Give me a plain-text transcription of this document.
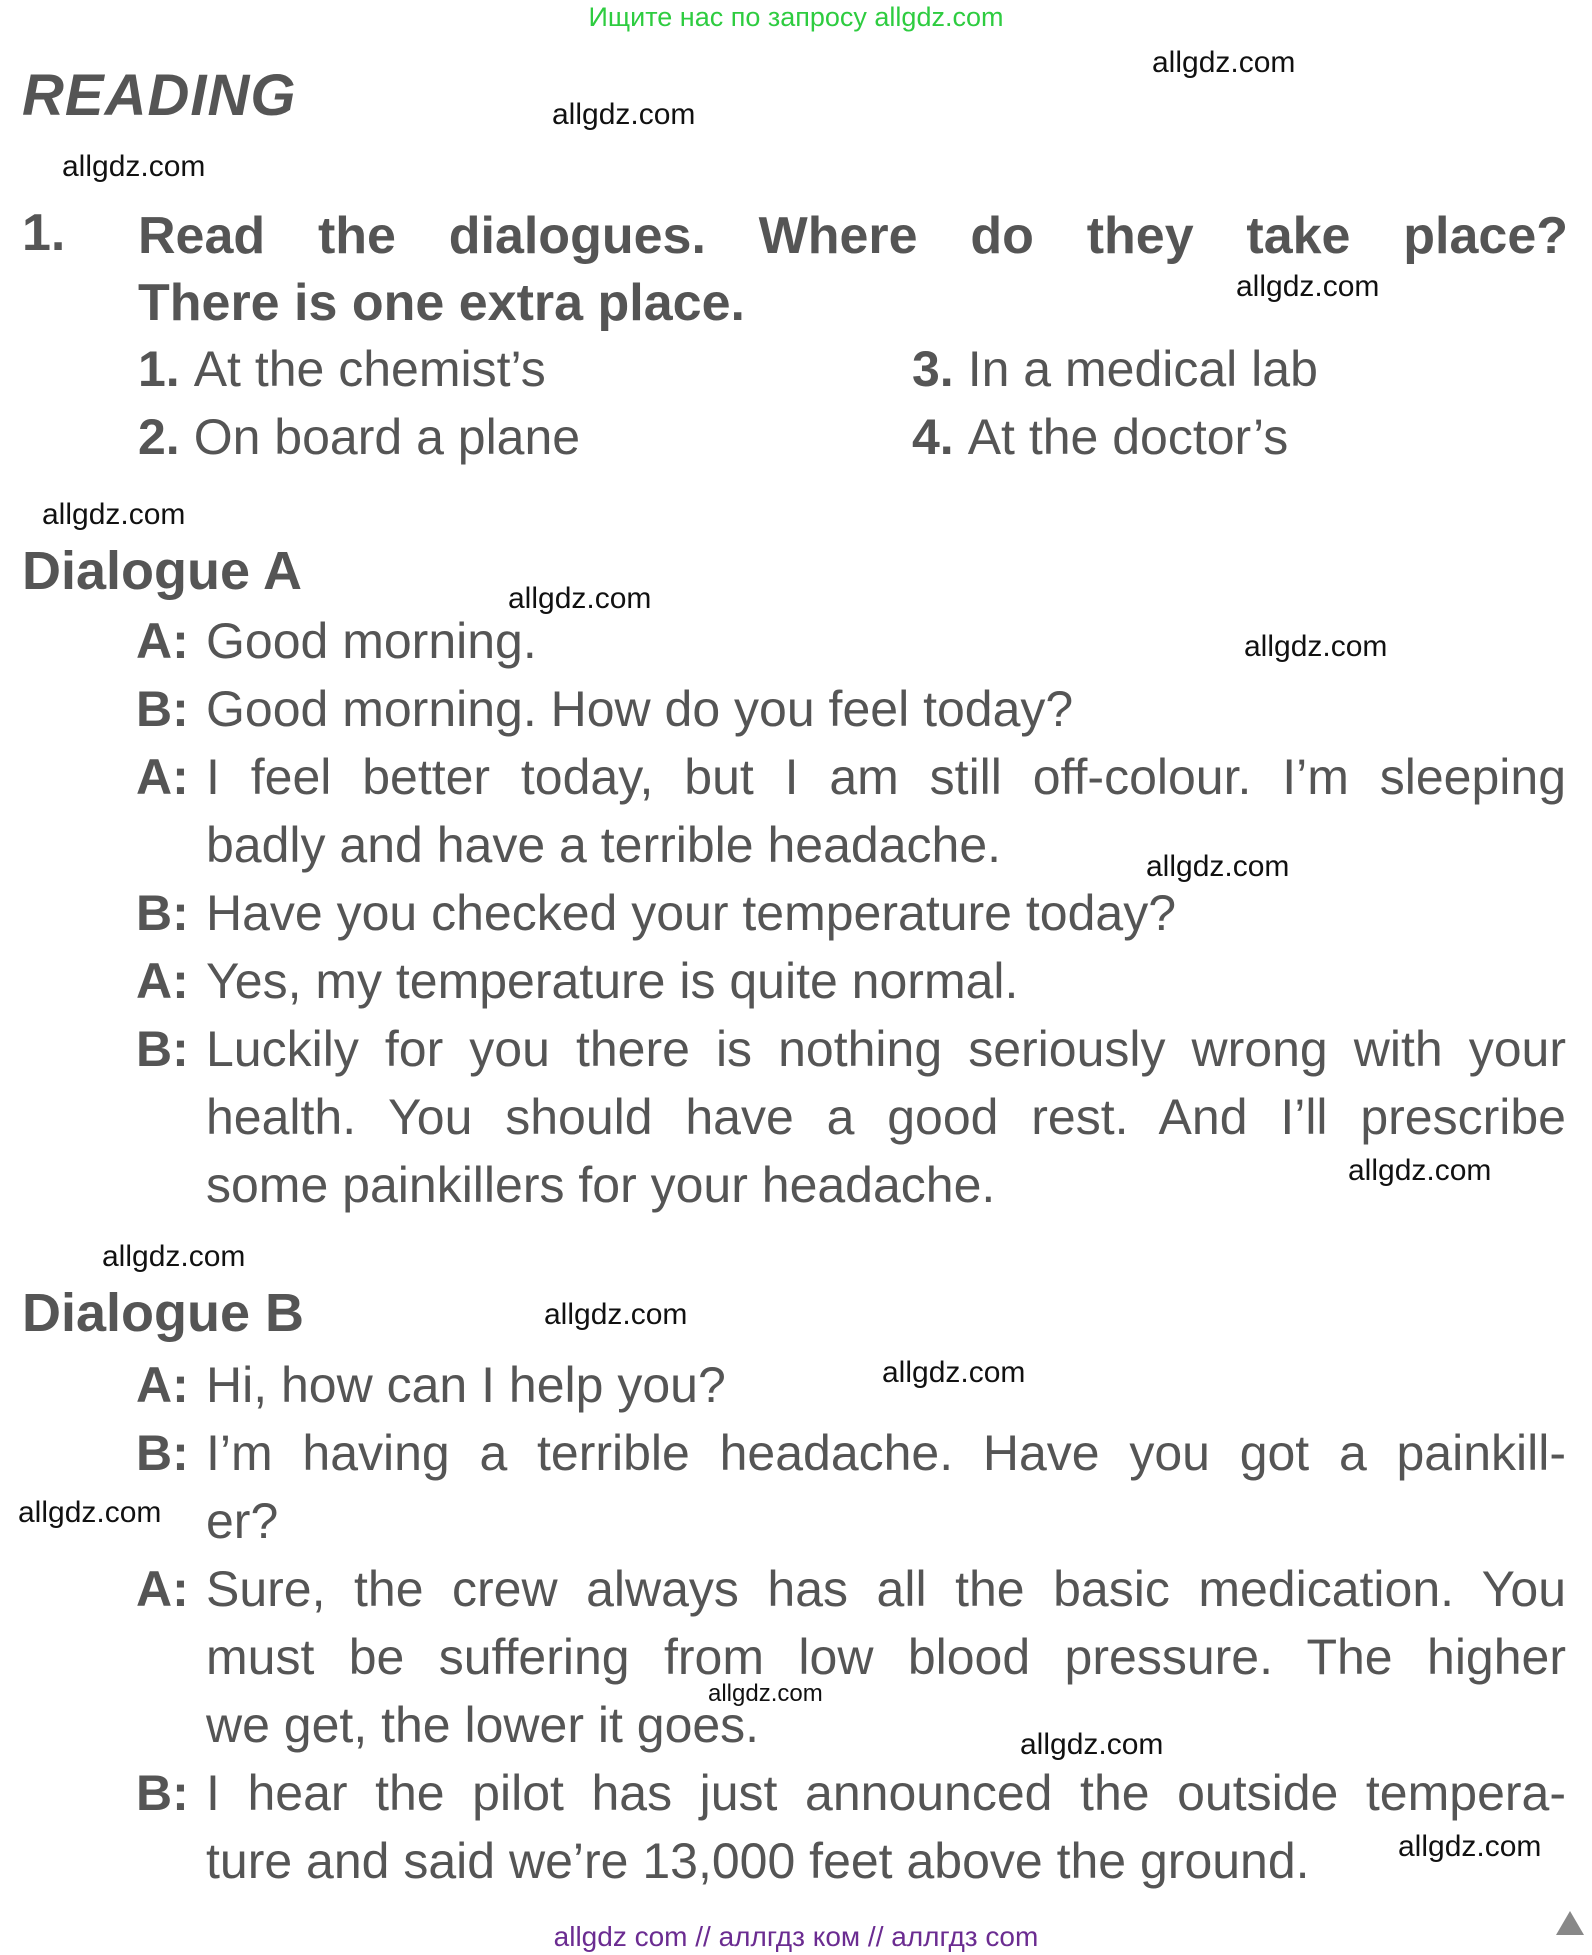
Ищите нас по запросу allgdz.com
READING
allgdz.com
allgdz.com
allgdz.com
allgdz.com
allgdz.com
allgdz.com
allgdz.com
allgdz.com
allgdz.com
allgdz.com
allgdz.com
allgdz.com
allgdz.com
allgdz.com
allgdz.com
allgdz.com
1. Read the dialogues. Where do they take place?
There is one extra place.
1. At the chemist’s
2. On board a plane
3. In a medical lab
4. At the doctor’s
Dialogue A
A: Good morning.
B: Good morning. How do you feel today?
A: I feel better today, but I am still off-colour. I’m sleeping
badly and have a terrible headache.
B: Have you checked your temperature today?
A: Yes, my temperature is quite normal.
B: Luckily for you there is nothing seriously wrong with your
health. You should have a good rest. And I’ll prescribe
some painkillers for your headache.
Dialogue B
A: Hi, how can I help you?
B: I’m having a terrible headache. Have you got a painkill-
er?
A: Sure, the crew always has all the basic medication. You
must be suffering from low blood pressure. The higher
we get, the lower it goes.
B: I hear the pilot has just announced the outside tempera-
ture and said we’re 13,000 feet above the ground.
allgdz com // аллгдз ком // аллгдз com
